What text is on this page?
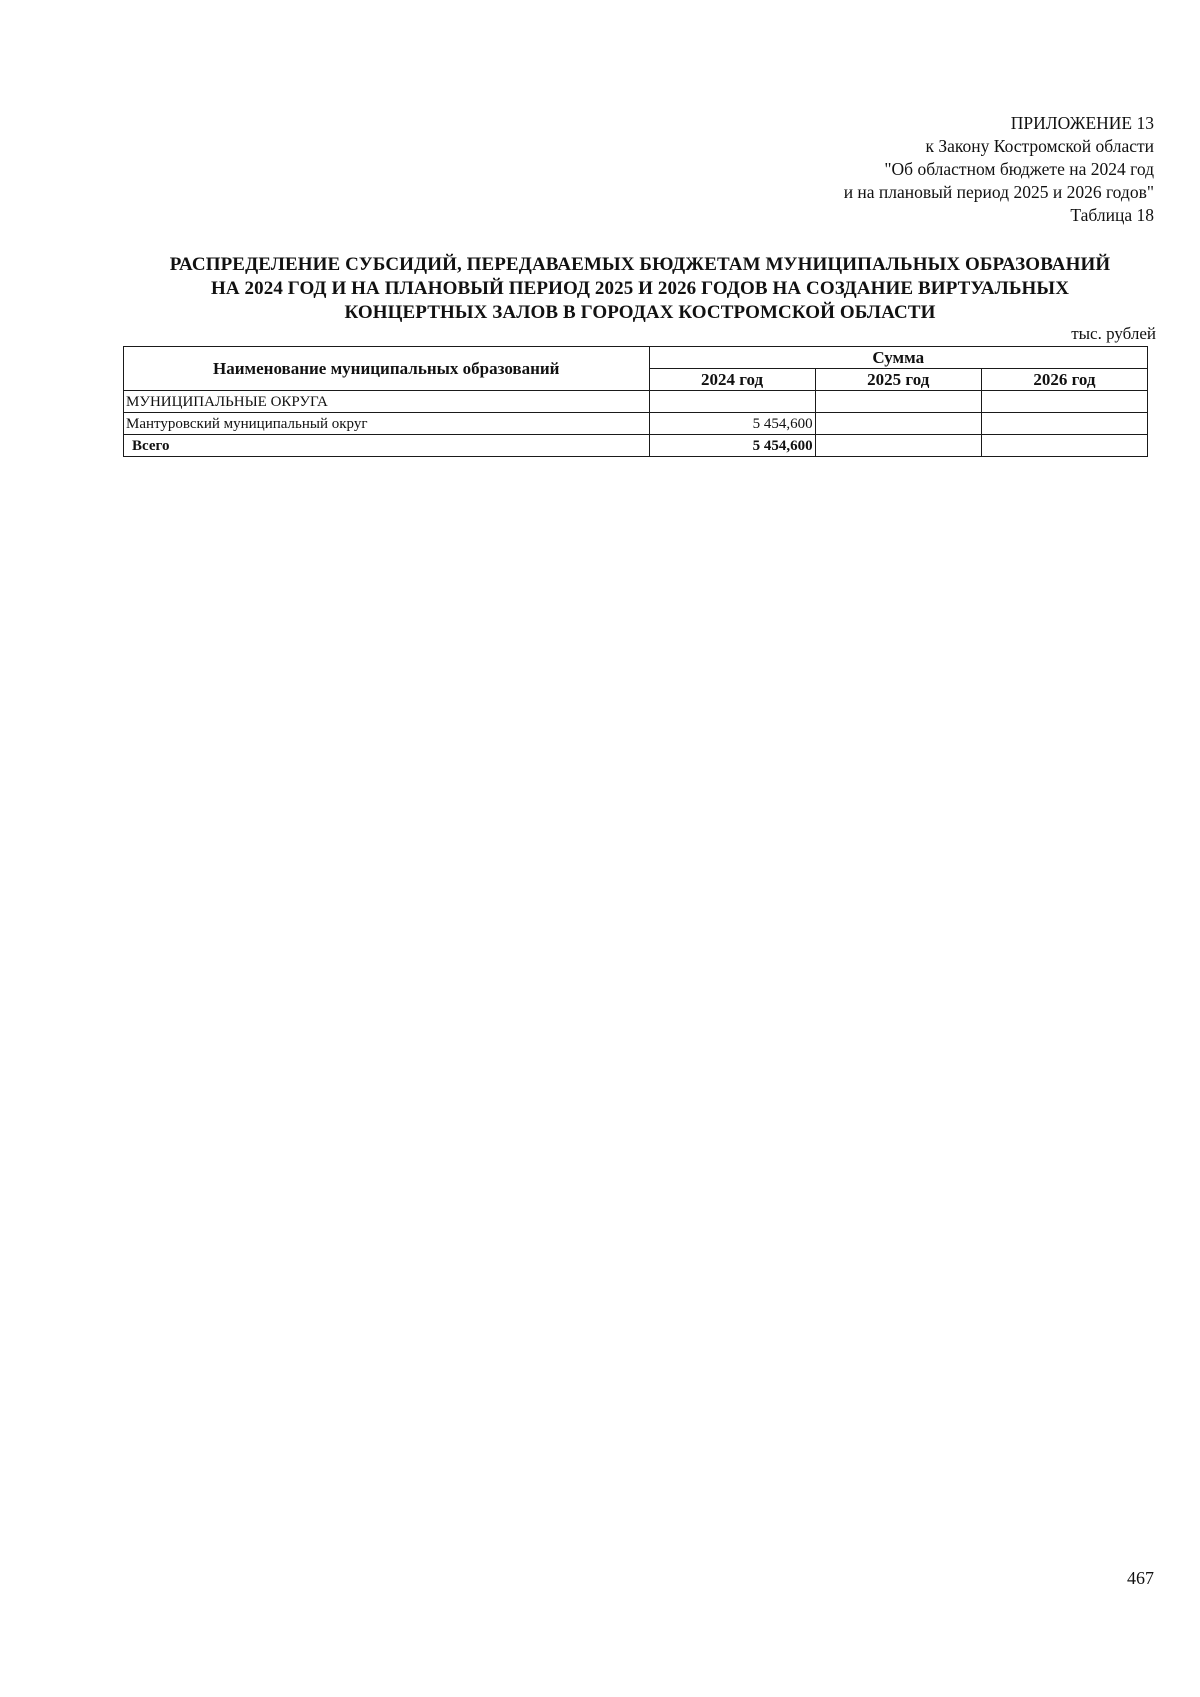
ПРИЛОЖЕНИЕ 13
к Закону Костромской области
"Об областном бюджете на 2024 год
и на плановый период 2025 и 2026 годов"
Таблица 18
РАСПРЕДЕЛЕНИЕ СУБСИДИЙ, ПЕРЕДАВАЕМЫХ БЮДЖЕТАМ МУНИЦИПАЛЬНЫХ ОБРАЗОВАНИЙ
НА 2024 ГОД И НА ПЛАНОВЫЙ ПЕРИОД 2025 И 2026 ГОДОВ НА СОЗДАНИЕ ВИРТУАЛЬНЫХ
КОНЦЕРТНЫХ ЗАЛОВ В ГОРОДАХ КОСТРОМСКОЙ ОБЛАСТИ
тыс. рублей
Наименование муниципальных образований	Сумма		
	2024 год	2025 год	2026 год
МУНИЦИПАЛЬНЫЕ ОКРУГА			
Мантуровский муниципальный округ	5 454,600		
Всего	5 454,600		
467
